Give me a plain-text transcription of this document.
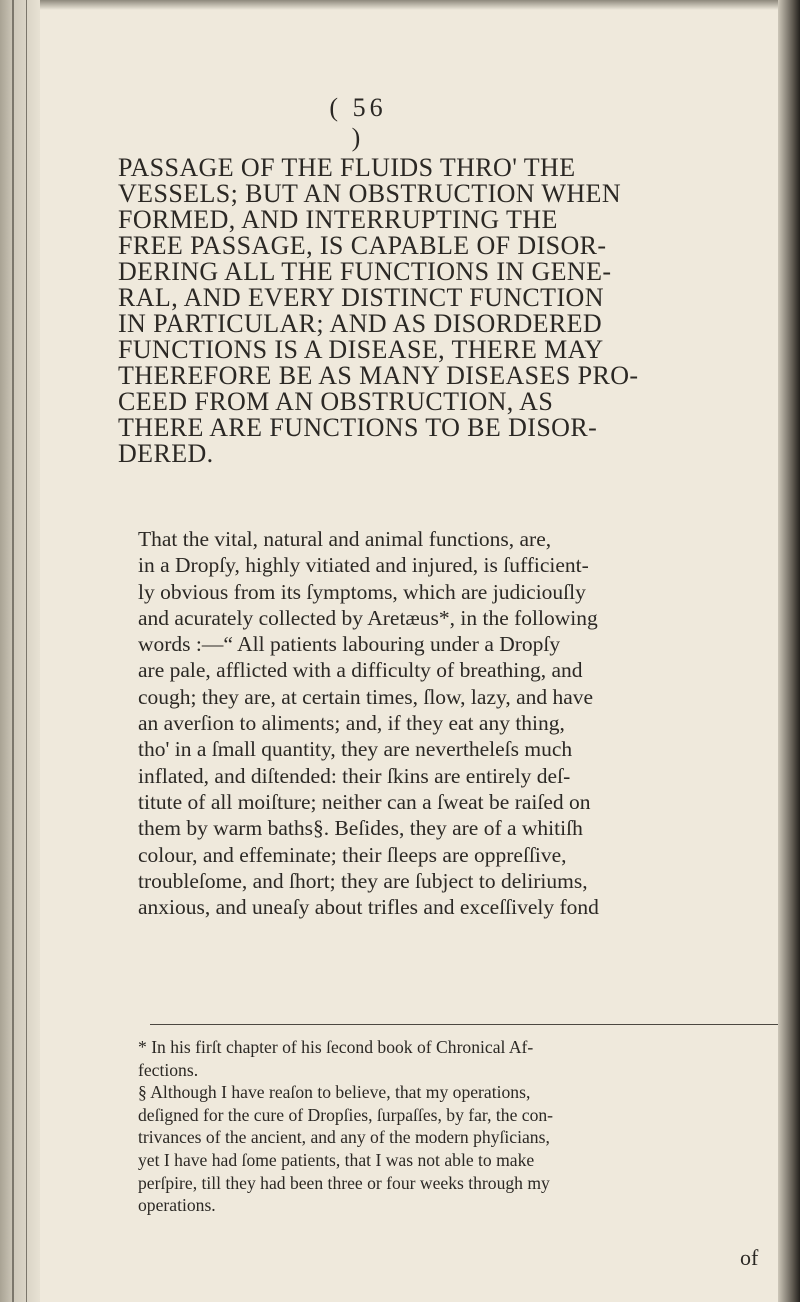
( 56 )
PASSAGE OF THE FLUIDS THRO' THE
VESSELS; BUT AN OBSTRUCTION WHEN
FORMED, AND INTERRUPTING THE
FREE PASSAGE, IS CAPABLE OF DISOR-
DERING ALL THE FUNCTIONS IN GENE-
RAL, AND EVERY DISTINCT FUNCTION
IN PARTICULAR; AND AS DISORDERED
FUNCTIONS IS A DISEASE, THERE MAY
THEREFORE BE AS MANY DISEASES PRO-
CEED FROM AN OBSTRUCTION, AS
THERE ARE FUNCTIONS TO BE DISOR-
DERED.
That the vital, natural and animal functions, are,
in a Dropſy, highly vitiated and injured, is ſufficient-
ly obvious from its ſymptoms, which are judiciouſly
and acurately collected by Aretæus*, in the following
words :—“ All patients labouring under a Dropſy
are pale, afflicted with a difficulty of breathing, and
cough; they are, at certain times, ſlow, lazy, and have
an averſion to aliments; and, if they eat any thing,
tho' in a ſmall quantity, they are nevertheleſs much
inflated, and diſtended: their ſkins are entirely deſ-
titute of all moiſture; neither can a ſweat be raiſed on
them by warm baths§. Beſides, they are of a whitiſh
colour, and effeminate; their ſleeps are oppreſſive,
troubleſome, and ſhort; they are ſubject to deliriums,
anxious, and uneaſy about trifles and exceſſively fond
* In his firſt chapter of his ſecond book of Chronical Af-
fections.
§ Although I have reaſon to believe, that my operations,
deſigned for the cure of Dropſies, ſurpaſſes, by far, the con-
trivances of the ancient, and any of the modern phyſicians,
yet I have had ſome patients, that I was not able to make
perſpire, till they had been three or four weeks through my
operations.
of
